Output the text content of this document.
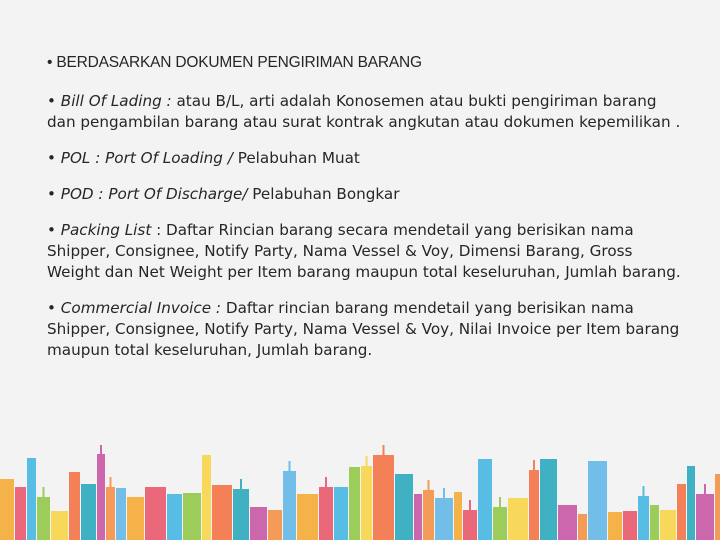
• BERDASARKAN DOKUMEN PENGIRIMAN BARANG

• Bill Of Lading : atau B/L, arti adalah Konosemen atau bukti pengiriman barang dan pengambilan barang atau surat kontrak angkutan atau dokumen kepemilikan .

• POL : Port Of Loading / Pelabuhan Muat

• POD : Port Of Discharge/ Pelabuhan Bongkar

• Packing List : Daftar Rincian barang secara mendetail yang berisikan nama Shipper, Consignee, Notify Party, Nama Vessel & Voy, Dimensi Barang, Gross Weight dan Net Weight per Item barang maupun total keseluruhan, Jumlah barang.

• Commercial Invoice : Daftar rincian barang mendetail yang berisikan nama Shipper, Consignee, Notify Party, Nama Vessel & Voy, Nilai Invoice per Item barang maupun total keseluruhan, Jumlah barang.
